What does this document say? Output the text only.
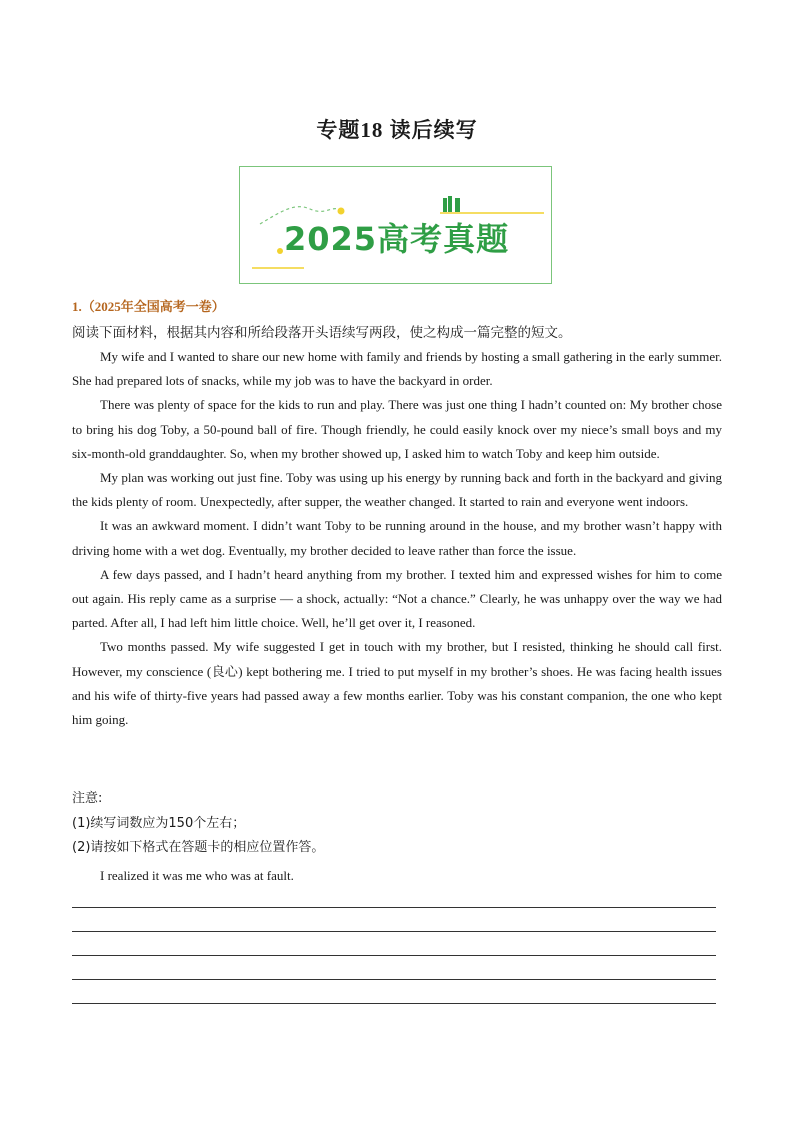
专题18 读后续写
2025高考真题
1.（2025年全国高考一卷）
阅读下面材料，根据其内容和所给段落开头语续写两段，使之构成一篇完整的短文。

My wife and I wanted to share our new home with family and friends by hosting a small gathering in the early summer. She had prepared lots of snacks, while my job was to have the backyard in order.

There was plenty of space for the kids to run and play. There was just one thing I hadn’t counted on: My brother chose to bring his dog Toby, a 50-pound ball of fire. Though friendly, he could easily knock over my niece’s small boys and my six-month-old granddaughter. So, when my brother showed up, I asked him to watch Toby and keep him outside.

My plan was working out just fine. Toby was using up his energy by running back and forth in the backyard and giving the kids plenty of room. Unexpectedly, after supper, the weather changed. It started to rain and everyone went indoors.

It was an awkward moment. I didn’t want Toby to be running around in the house, and my brother wasn’t happy with driving home with a wet dog. Eventually, my brother decided to leave rather than force the issue.

A few days passed, and I hadn’t heard anything from my brother. I texted him and expressed wishes for him to come out again. His reply came as a surprise — a shock, actually: “Not a chance.” Clearly, he was unhappy over the way we had parted. After all, I had left him little choice. Well, he’ll get over it, I reasoned.

Two months passed. My wife suggested I get in touch with my brother, but I resisted, thinking he should call first. However, my conscience (良心) kept bothering me. I tried to put myself in my brother’s shoes. He was facing health issues and his wife of thirty-five years had passed away a few months earlier. Toby was his constant companion, the one who kept him going.

注意:
(1)续写词数应为150个左右；
(2)请按如下格式在答题卡的相应位置作答。
I realized it was me who was at fault.
